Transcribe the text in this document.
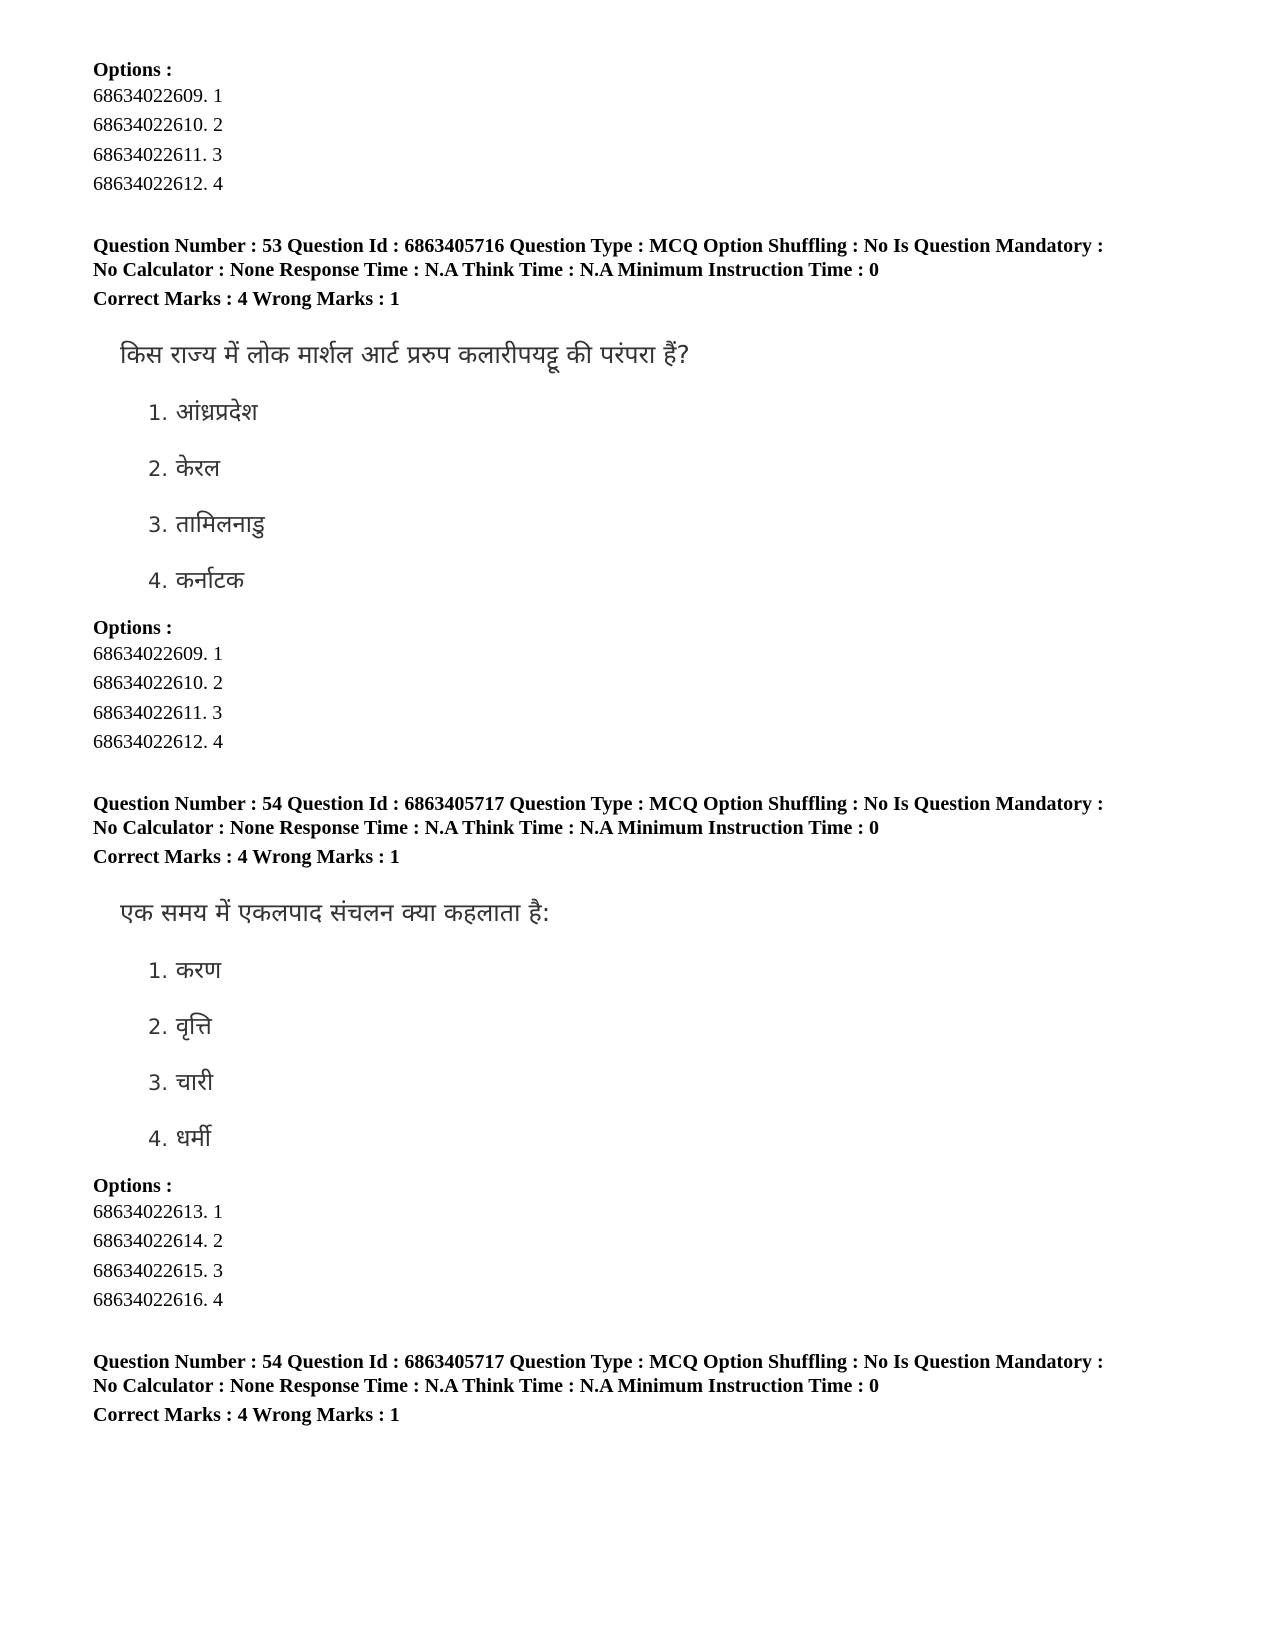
Options :
68634022609. 1
68634022610. 2
68634022611. 3
68634022612. 4
Question Number : 53 Question Id : 6863405716 Question Type : MCQ Option Shuffling : No Is Question Mandatory :
No Calculator : None Response Time : N.A Think Time : N.A Minimum Instruction Time : 0
Correct Marks : 4 Wrong Marks : 1
किस राज्य में लोक मार्शल आर्ट प्ररुप कलारीपयट्टू की परंपरा हैं?
1. आंध्रप्रदेश
2. केरल
3. तामिलनाडु
4. कर्नाटक
Options :
68634022609. 1
68634022610. 2
68634022611. 3
68634022612. 4
Question Number : 54 Question Id : 6863405717 Question Type : MCQ Option Shuffling : No Is Question Mandatory :
No Calculator : None Response Time : N.A Think Time : N.A Minimum Instruction Time : 0
Correct Marks : 4 Wrong Marks : 1
एक समय में एकलपाद संचलन क्या कहलाता है:
1. करण
2. वृत्ति
3. चारी
4. धर्मी
Options :
68634022613. 1
68634022614. 2
68634022615. 3
68634022616. 4
Question Number : 54 Question Id : 6863405717 Question Type : MCQ Option Shuffling : No Is Question Mandatory :
No Calculator : None Response Time : N.A Think Time : N.A Minimum Instruction Time : 0
Correct Marks : 4 Wrong Marks : 1
